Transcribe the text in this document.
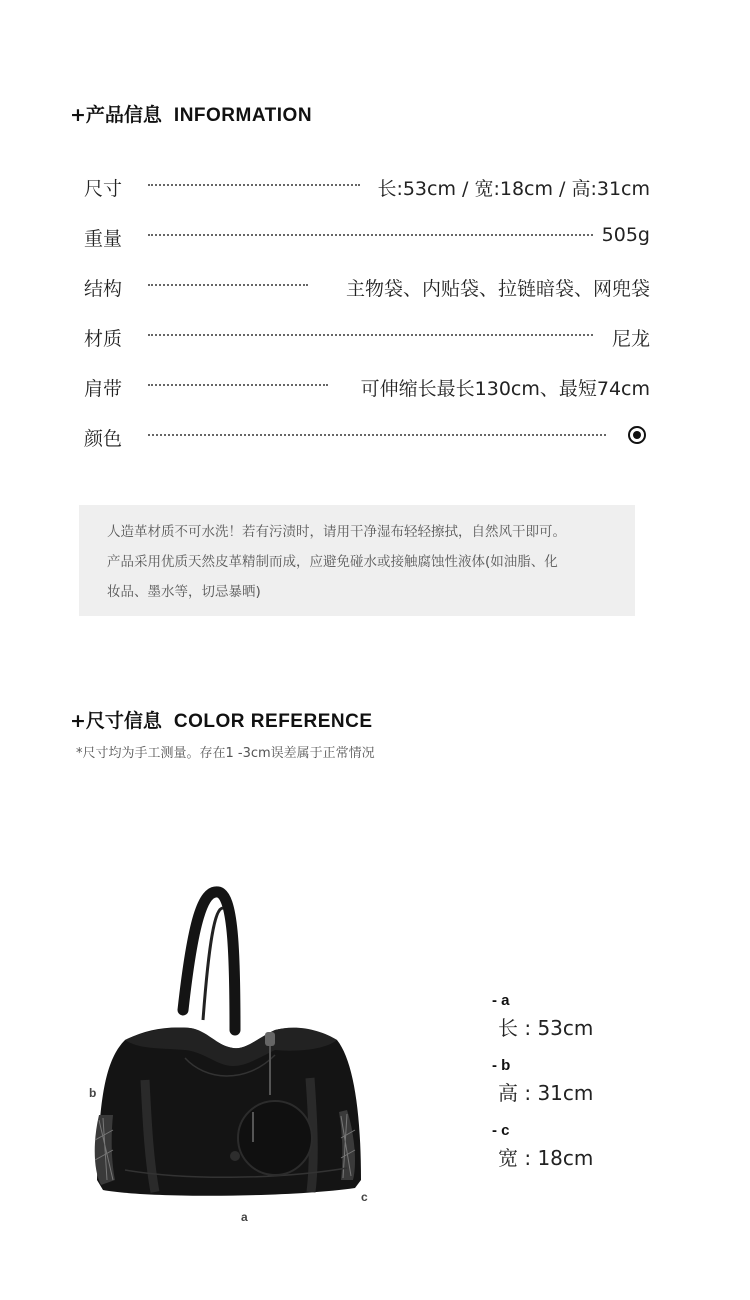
+产品信息 INFORMATION
尺寸	长:53cm / 宽:18cm / 高:31cm
重量	505g
结构	主物袋、内贴袋、拉链暗袋、网兜袋
材质	尼龙
肩带	可伸缩长最长130cm、最短74cm
颜色

人造革材质不可水洗！若有污渍时，请用干净湿布轻轻擦拭，自然风干即可。

产品采用优质天然皮革精制而成，应避免碰水或接触腐蚀性液体(如油脂、化

妆品、墨水等，切忌暴晒)

+尺寸信息 COLOR REFERENCE
*尺寸均为手工测量。存在1 -3cm误差属于正常情况
b
c
a
- a
长 : 53cm
- b
高 : 31cm
- c
宽 : 18cm
